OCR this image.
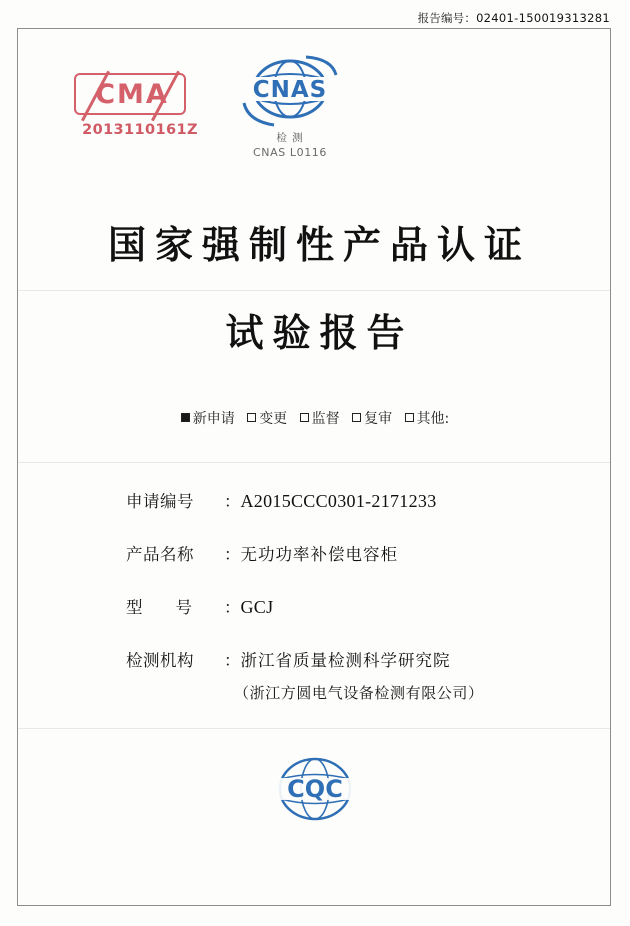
报告编号：02401-150019313281
CMA
2013110161Z
CNAS
检 测
CNAS L0116
国家强制性产品认证
试验报告
新申请 变更 监督 复审 其他:
申请编号	： A2015CCC0301-2171233
产品名称	： 无功功率补偿电容柜
型　　号	： GCJ
检测机构	： 浙江省质量检测科学研究院
（浙江方圆电气设备检测有限公司）
CQC
